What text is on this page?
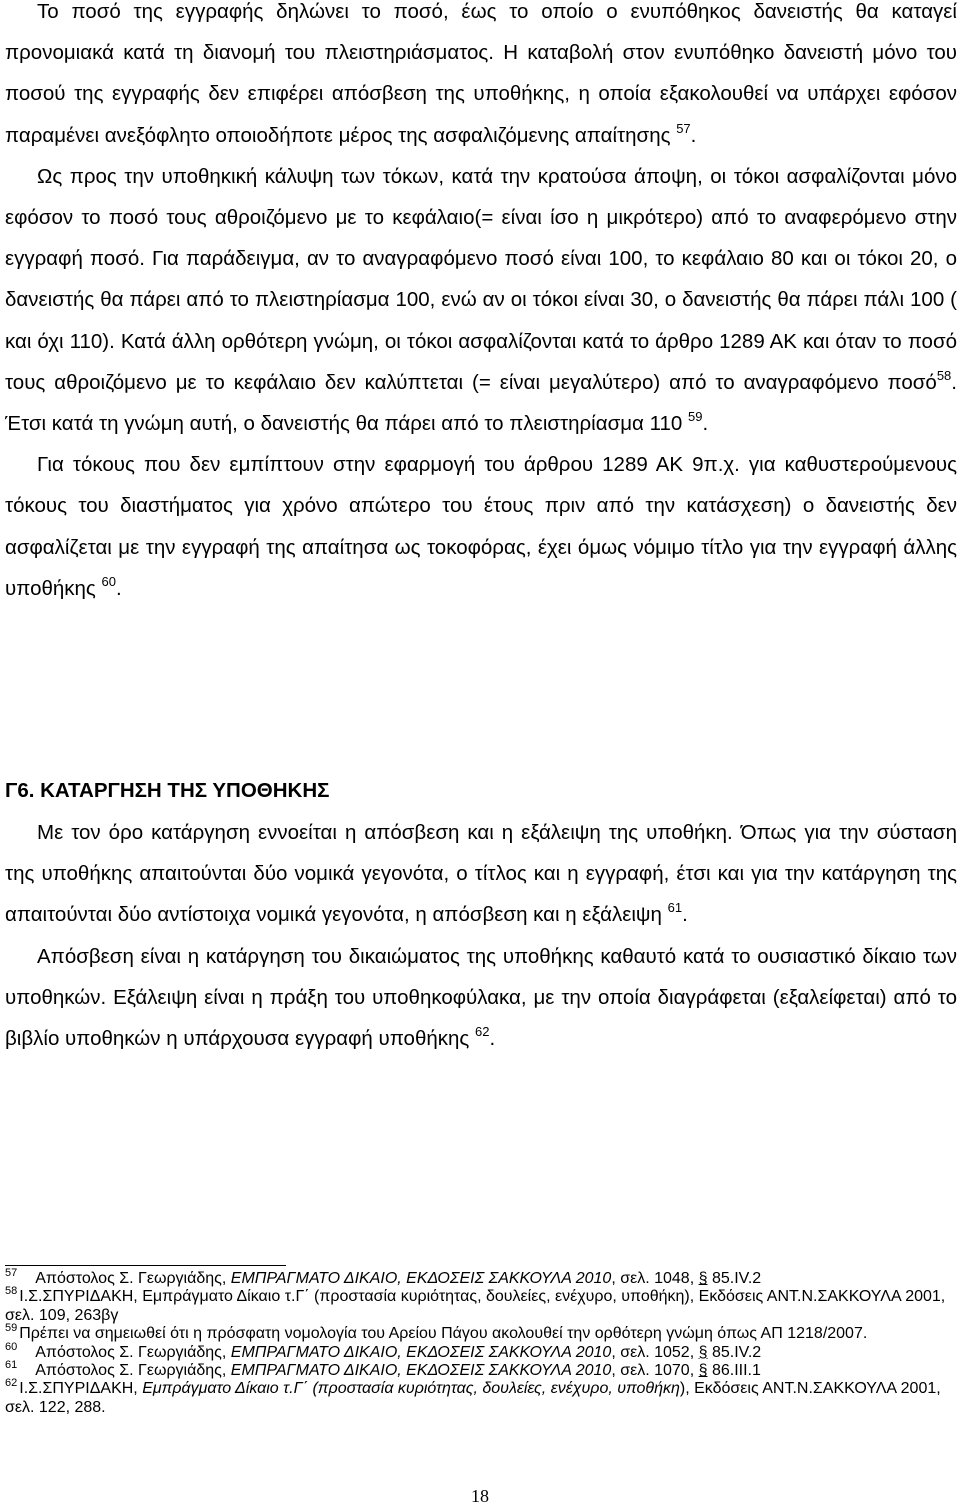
Το ποσό της εγγραφής δηλώνει το ποσό, έως το οποίο ο ενυπόθηκος δανειστής θα καταγεί προνομιακά κατά τη διανομή του πλειστηριάσματος. Η καταβολή στον ενυπόθηκο δανειστή μόνο του ποσού της εγγραφής δεν επιφέρει απόσβεση της υποθήκης, η οποία εξακολουθεί να υπάρχει εφόσον παραμένει ανεξόφλητο οποιοδήποτε μέρος της ασφαλιζόμενης απαίτησης $^{57}$.

Ως προς την υποθηκική κάλυψη των τόκων, κατά την κρατούσα άποψη, οι τόκοι ασφαλίζονται μόνο εφόσον το ποσό τους αθροιζόμενο με το κεφάλαιο(= είναι ίσο η μικρότερο) από το αναφερόμενο στην εγγραφή ποσό. Για παράδειγμα, αν το αναγραφόμενο ποσό είναι 100, το κεφάλαιο 80 και οι τόκοι 20, ο δανειστής θα πάρει από το πλειστηρίασμα 100, ενώ αν οι τόκοι είναι 30, ο δανειστής θα πάρει πάλι 100 ( και όχι 110). Κατά άλλη ορθότερη γνώμη, οι τόκοι ασφαλίζονται κατά το άρθρο 1289 ΑΚ και όταν το ποσό τους αθροιζόμενο με το κεφάλαιο δεν καλύπτεται (= είναι μεγαλύτερο) από το αναγραφόμενο ποσό$^{58}$. Έτσι κατά τη γνώμη αυτή, ο δανειστής θα πάρει από το πλειστηρίασμα 110 $^{59}$.

Για τόκους που δεν εμπίπτουν στην εφαρμογή του άρθρου 1289 ΑΚ 9π.χ. για καθυστερούμενους τόκους του διαστήματος για χρόνο απώτερο του έτους πριν από την κατάσχεση) ο δανειστής δεν ασφαλίζεται με την εγγραφή της απαίτησα ως τοκοφόρας, έχει όμως νόμιμο τίτλο για την εγγραφή άλλης υποθήκης $^{60}$.

Γ6. ΚΑΤΑΡΓΗΣΗ ΤΗΣ ΥΠΟΘΗΚΗΣ

Με τον όρο κατάργηση εννοείται η απόσβεση και η εξάλειψη της υποθήκη. Όπως για την σύσταση της υποθήκης απαιτούνται δύο νομικά γεγονότα, ο τίτλος και η εγγραφή, έτσι και για την κατάργηση της απαιτούνται δύο αντίστοιχα νομικά γεγονότα, η απόσβεση και η εξάλειψη $^{61}$.

Απόσβεση είναι η κατάργηση του δικαιώματος της υποθήκης καθαυτό κατά το ουσιαστικό δίκαιο των υποθηκών. Εξάλειψη είναι η πράξη του υποθηκοφύλακα, με την οποία διαγράφεται (εξαλείφεται) από το βιβλίο υποθηκών η υπάρχουσα εγγραφή υποθήκης $^{62}$.

$^{57}$ Απόστολος Σ. Γεωργιάδης, ΕΜΠΡΑΓΜΑΤΟ ΔΙΚΑΙΟ, ΕΚΔΟΣΕΙΣ ΣΑΚΚΟΥΛΑ 2010, σελ. 1048, § 85.IV.2

$^{58}$ Ι.Σ.ΣΠΥΡΙΔΑΚΗ, Εμπράγματο Δίκαιο τ.Γ΄ (προστασία κυριότητας, δουλείες, ενέχυρο, υποθήκη), Εκδόσεις ΑΝΤ.Ν.ΣΑΚΚΟΥΛΑ 2001, σελ. 109, 263βγ

$^{59}$ Πρέπει να σημειωθεί ότι η πρόσφατη νομολογία του Αρείου Πάγου ακολουθεί την ορθότερη γνώμη όπως ΑΠ 1218/2007.

$^{60}$ Απόστολος Σ. Γεωργιάδης, ΕΜΠΡΑΓΜΑΤΟ ΔΙΚΑΙΟ, ΕΚΔΟΣΕΙΣ ΣΑΚΚΟΥΛΑ 2010, σελ. 1052, § 85.IV.2

$^{61}$ Απόστολος Σ. Γεωργιάδης, ΕΜΠΡΑΓΜΑΤΟ ΔΙΚΑΙΟ, ΕΚΔΟΣΕΙΣ ΣΑΚΚΟΥΛΑ 2010, σελ. 1070, § 86.ΙΙΙ.1

$^{62}$ Ι.Σ.ΣΠΥΡΙΔΑΚΗ, Εμπράγματο Δίκαιο τ.Γ΄ (προστασία κυριότητας, δουλείες, ενέχυρο, υποθήκη), Εκδόσεις ΑΝΤ.Ν.ΣΑΚΚΟΥΛΑ 2001, σελ. 122, 288.

18
